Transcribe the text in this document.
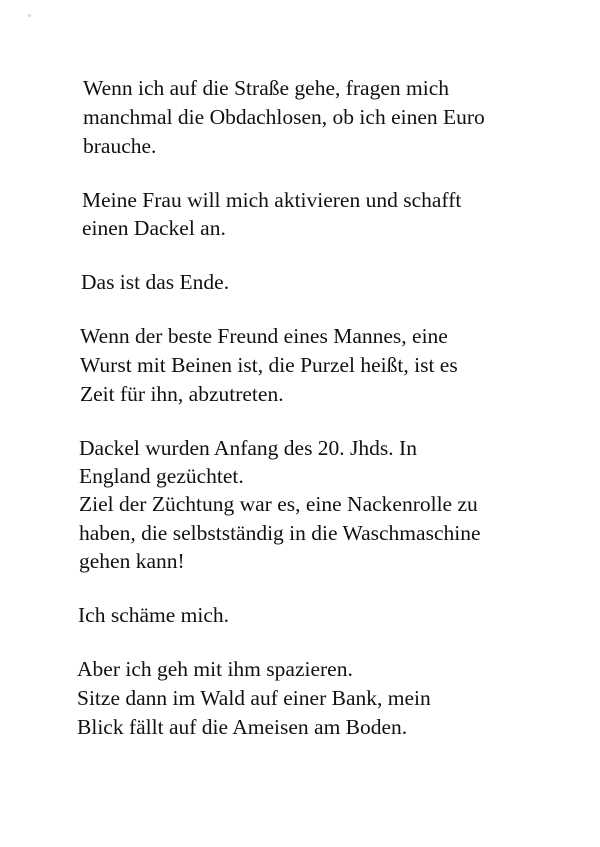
Wenn ich auf die Straße gehe, fragen mich
manchmal die Obdachlosen, ob ich einen Euro
brauche.
Meine Frau will mich aktivieren und schafft
einen Dackel an.
Das ist das Ende.
Wenn der beste Freund eines Mannes, eine
Wurst mit Beinen ist, die Purzel heißt, ist es
Zeit für ihn, abzutreten.
Dackel wurden Anfang des 20. Jhds. In
England gezüchtet.
Ziel der Züchtung war es, eine Nackenrolle zu
haben, die selbstständig in die Waschmaschine
gehen kann!
Ich schäme mich.
Aber ich geh mit ihm spazieren.
Sitze dann im Wald auf einer Bank, mein
Blick fällt auf die Ameisen am Boden.
